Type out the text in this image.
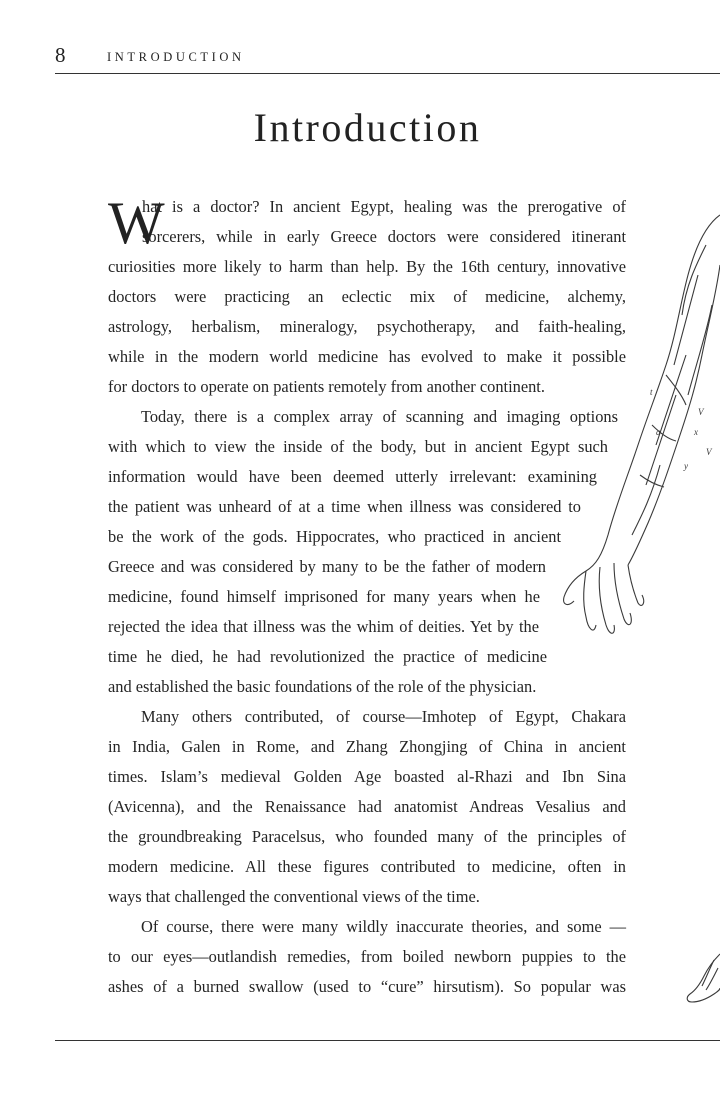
8	INTRODUCTION
Introduction
W
hat is a doctor? In ancient Egypt, healing was the prerogative of
sorcerers, while in early Greece doctors were considered itinerant
curiosities more likely to harm than help. By the 16th century, innovative
doctors were practicing an eclectic mix of medicine, alchemy,
astrology, herbalism, mineralogy, psychotherapy, and faith-healing,
while in the modern world medicine has evolved to make it possible
for doctors to operate on patients remotely from another continent.
Today, there is a complex array of scanning and imaging options
with which to view the inside of the body, but in ancient Egypt such
information would have been deemed utterly irrelevant: examining
the patient was unheard of at a time when illness was considered to
be the work of the gods. Hippocrates, who practiced in ancient
Greece and was considered by many to be the father of modern
medicine, found himself imprisoned for many years when he
rejected the idea that illness was the whim of deities. Yet by the
time he died, he had revolutionized the practice of medicine
and established the basic foundations of the role of the physician.
Many others contributed, of course—Imhotep of Egypt, Chakara
in India, Galen in Rome, and Zhang Zhongjing of China in ancient
times. Islam’s medieval Golden Age boasted al-Rhazi and Ibn Sina
(Avicenna), and the Renaissance had anatomist Andreas Vesalius and
the groundbreaking Paracelsus, who founded many of the principles of
modern medicine. All these figures contributed to medicine, often in
ways that challenged the conventional views of the time.
Of course, there were many wildly inaccurate theories, and some —
to our eyes—outlandish remedies, from boiled newborn puppies to the
ashes of a burned swallow (used to “cure” hirsutism). So popular was
t
a
V
x
y
V
